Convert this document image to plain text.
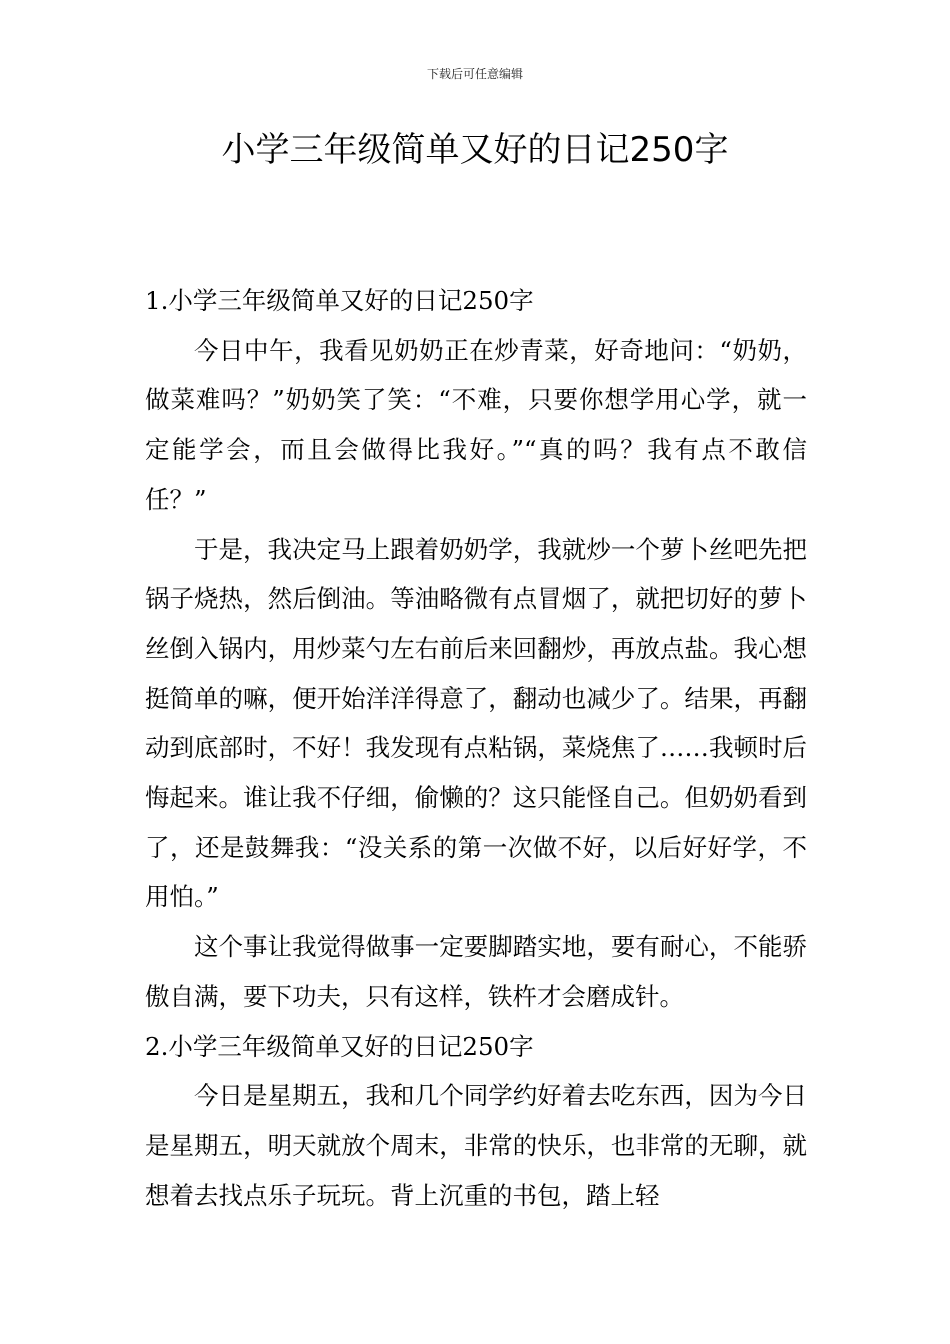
下载后可任意编辑
小学三年级简单又好的日记250字

1.小学三年级简单又好的日记250字

今日中午，我看见奶奶正在炒青菜，好奇地问：“奶奶，做菜难吗？”奶奶笑了笑：“不难，只要你想学用心学，就一定能学会，而且会做得比我好。”“真的吗？我有点不敢信任？”

于是，我决定马上跟着奶奶学，我就炒一个萝卜丝吧先把锅子烧热，然后倒油。等油略微有点冒烟了，就把切好的萝卜丝倒入锅内，用炒菜勺左右前后来回翻炒，再放点盐。我心想挺简单的嘛，便开始洋洋得意了，翻动也减少了。结果，再翻动到底部时，不好！我发现有点粘锅，菜烧焦了……我顿时后悔起来。谁让我不仔细，偷懒的？这只能怪自己。但奶奶看到了，还是鼓舞我：“没关系的第一次做不好，以后好好学，不用怕。”

这个事让我觉得做事一定要脚踏实地，要有耐心，不能骄傲自满，要下功夫，只有这样，铁杵才会磨成针。

2.小学三年级简单又好的日记250字

今日是星期五，我和几个同学约好着去吃东西，因为今日是星期五，明天就放个周末，非常的快乐，也非常的无聊，就想着去找点乐子玩玩。背上沉重的书包，踏上轻
